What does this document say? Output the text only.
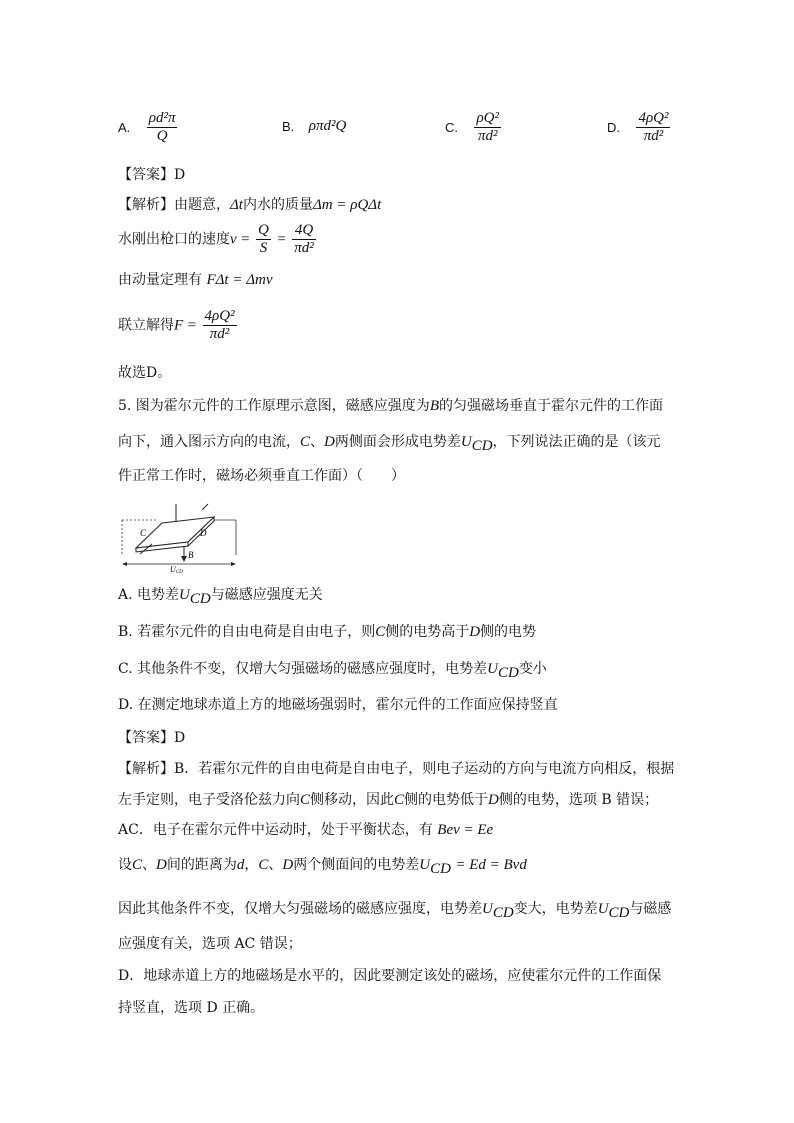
A. $\frac{\text{ρd²π}}{Q}$	B. ρπd²Q	C. $\frac{\text{ρQ²}}{\text{πd²}}$	D. $\frac{\text{4ρQ²}}{\text{πd²}}$
【答案】D
【解析】由题意，Δt内水的质量Δm = ρQΔt
水刚出枪口的速度$v = \frac{Q}{S} = \frac{4Q}{\text{πd²}}$
由动量定理有 FΔt = Δmv
联立解得$F = \frac{\text{4ρQ²}}{\text{πd²}}$
故选D。
5. 图为霍尔元件的工作原理示意图，磁感应强度为B的匀强磁场垂直于霍尔元件的工作面
向下，通入图示方向的电流，C、D两侧面会形成电势差$U_{CD}$，下列说法正确的是（该元
件正常工作时，磁场必须垂直工作面）（　　）
C	D
B
UCD
A. 电势差$U_{CD}$与磁感应强度无关
B. 若霍尔元件的自由电荷是自由电子，则C侧的电势高于D侧的电势
C. 其他条件不变，仅增大匀强磁场的磁感应强度时，电势差$U_{CD}$变小
D. 在测定地球赤道上方的地磁场强弱时，霍尔元件的工作面应保持竖直
【答案】D
【解析】B．若霍尔元件的自由电荷是自由电子，则电子运动的方向与电流方向相反，根据
左手定则，电子受洛伦兹力向C侧移动，因此C侧的电势低于D侧的电势，选项 B 错误；
AC．电子在霍尔元件中运动时，处于平衡状态，有 Bev = Ee
设C、D间的距离为d，C、D两个侧面间的电势差$U_{CD} = Ed$ = Bvd
因此其他条件不变，仅增大匀强磁场的磁感应强度，电势差$U_{CD}$变大，电势差$U_{CD}$与磁感
应强度有关，选项 AC 错误；
D．地球赤道上方的地磁场是水平的，因此要测定该处的磁场，应使霍尔元件的工作面保
持竖直，选项 D 正确。
